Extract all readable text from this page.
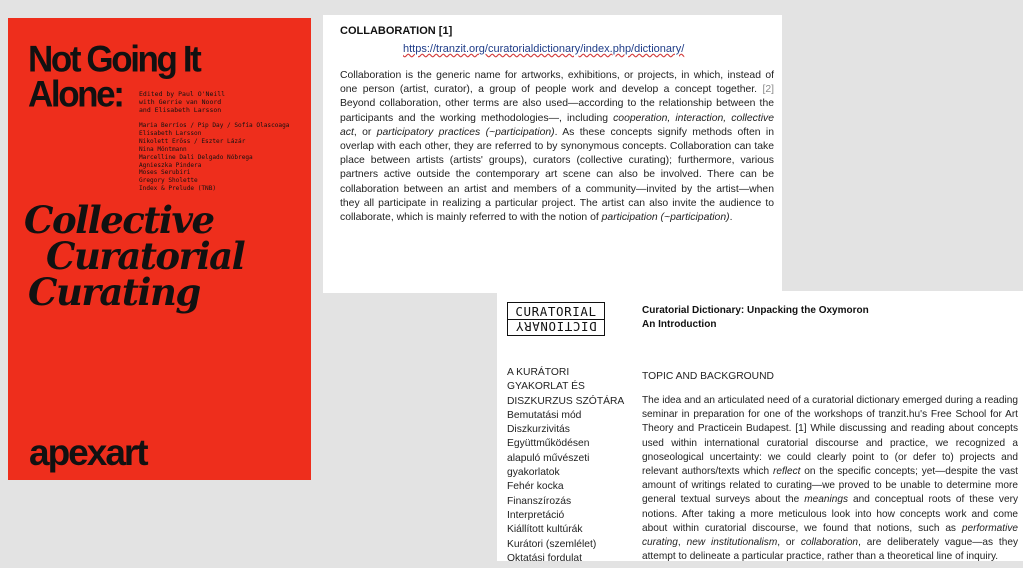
Not Going It
Alone:	Edited by Paul O'Neill
with Gerrie van Noord
and Elisabeth Larsson
Maria Berríos / Pip Day / Sofía Olascoaga
Elisabeth Larsson
Nikolett Erőss / Eszter Lázár
Nina Möntmann
Marcelline Dali Delgado Nóbrega
Agnieszka Pindera
Moses Serubiri
Gregory Sholette
Index & Prelude (TNB)
Collective
Curatorial
Curating
apexart
COLLABORATION [1]
https://tranzit.org/curatorialdictionary/index.php/dictionary/

Collaboration is the generic name for artworks, exhibitions, or projects, in which, instead of one person (artist, curator), a group of people work and develop a concept together. [2] Beyond collaboration, other terms are also used—according to the relationship between the participants and the working methodologies—, including cooperation, interaction, collective act, or participatory practices (~participation). As these concepts signify methods often in overlap with each other, they are referred to by synonymous concepts. Collaboration can take place between artists (artists' groups), curators (collective curating); furthermore, various partners active outside the contemporary art scene can also be involved. There can be collaboration between an artist and members of a community—invited by the artist—when they all participate in realizing a particular project. The artist can also invite the audience to collaborate, which is mainly referred to with the notion of participation (~participation).

CURATORIAL
DICTIONARY
Curatorial Dictionary: Unpacking the Oxymoron
An Introduction
A KURÁTORI
GYAKORLAT ÉS
DISZKURZUS SZÓTÁRA
Bemutatási mód
Diszkurzivitás
Együttműködésen
alapuló művészeti
gyakorlatok
Fehér kocka
Finanszírozás
Interpretáció
Kiállított kultúrák
Kurátori (szemlélet)
Oktatási fordulat
TOPIC AND BACKGROUND

The idea and an articulated need of a curatorial dictionary emerged during a reading seminar in preparation for one of the workshops of tranzit.hu's Free School for Art Theory and Practicein Budapest. [1] While discussing and reading about concepts used within international curatorial discourse and practice, we recognized a gnoseological uncertainty: we could clearly point to (or defer to) projects and relevant authors/texts which reflect on the specific concepts; yet—despite the vast amount of writings related to curating—we proved to be unable to determine more general textual surveys about the meanings and conceptual roots of these very notions. After taking a more meticulous look into how concepts work and come about within curatorial discourse, we found that notions, such as performative curating, new institutionalism, or collaboration, are deliberately vague—as they attempt to delineate a particular practice, rather than a theoretical line of inquiry.
